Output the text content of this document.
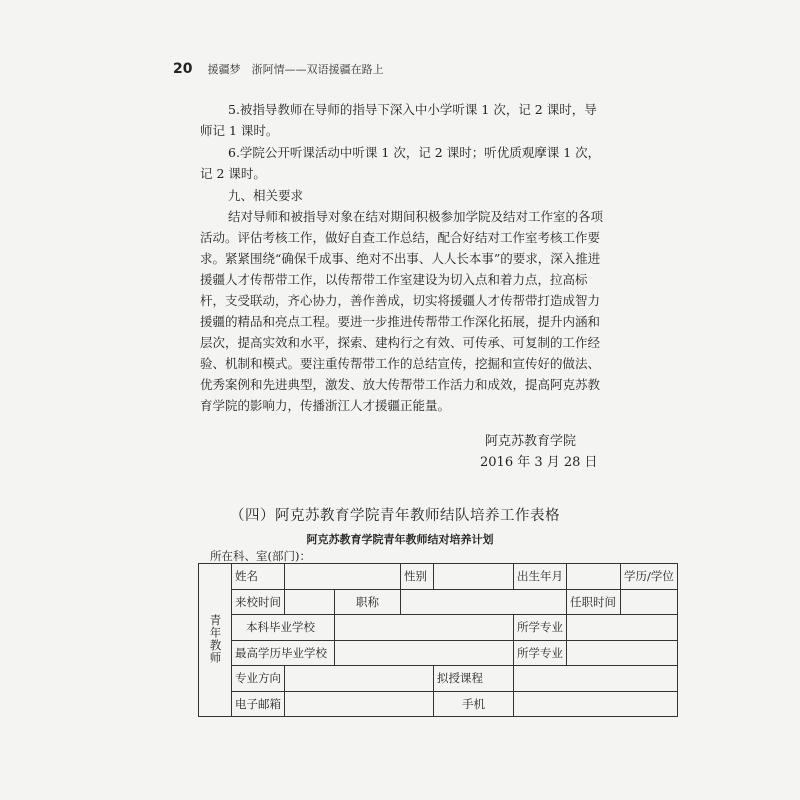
20 援疆梦　浙阿情——双语援疆在路上

5.被指导教师在导师的指导下深入中小学听课 1 次，记 2 课时，导师记 1 课时。

6.学院公开听课活动中听课 1 次，记 2 课时；听优质观摩课 1 次，记 2 课时。

九、相关要求

结对导师和被指导对象在结对期间积极参加学院及结对工作室的各项活动。评估考核工作，做好自查工作总结，配合好结对工作室考核工作要求。紧紧围绕“确保千成事、绝对不出事、人人长本事”的要求，深入推进援疆人才传帮带工作，以传帮带工作室建设为切入点和着力点，拉高标杆，支受联动，齐心协力，善作善成，切实将援疆人才传帮带打造成智力援疆的精品和亮点工程。要进一步推进传帮带工作深化拓展，提升内涵和层次，提高实效和水平，探索、建构行之有效、可传承、可复制的工作经验、机制和模式。要注重传帮带工作的总结宣传，挖掘和宣传好的做法、优秀案例和先进典型，激发、放大传帮带工作活力和成效，提高阿克苏教育学院的影响力，传播浙江人才援疆正能量。

阿克苏教育学院
2016 年 3 月 28 日
（四）阿克苏教育学院青年教师结队培养工作表格
阿克苏教育学院青年教师结对培养计划
所在科、室(部门)：
青年教师	姓名			性别		出生年月		学历/学位
	来校时间		职称				任职时间	
	本科毕业学校					所学专业		
	最高学历毕业学校					所学专业		
	专业方向				拟授课程			
	电子邮箱				手机			
